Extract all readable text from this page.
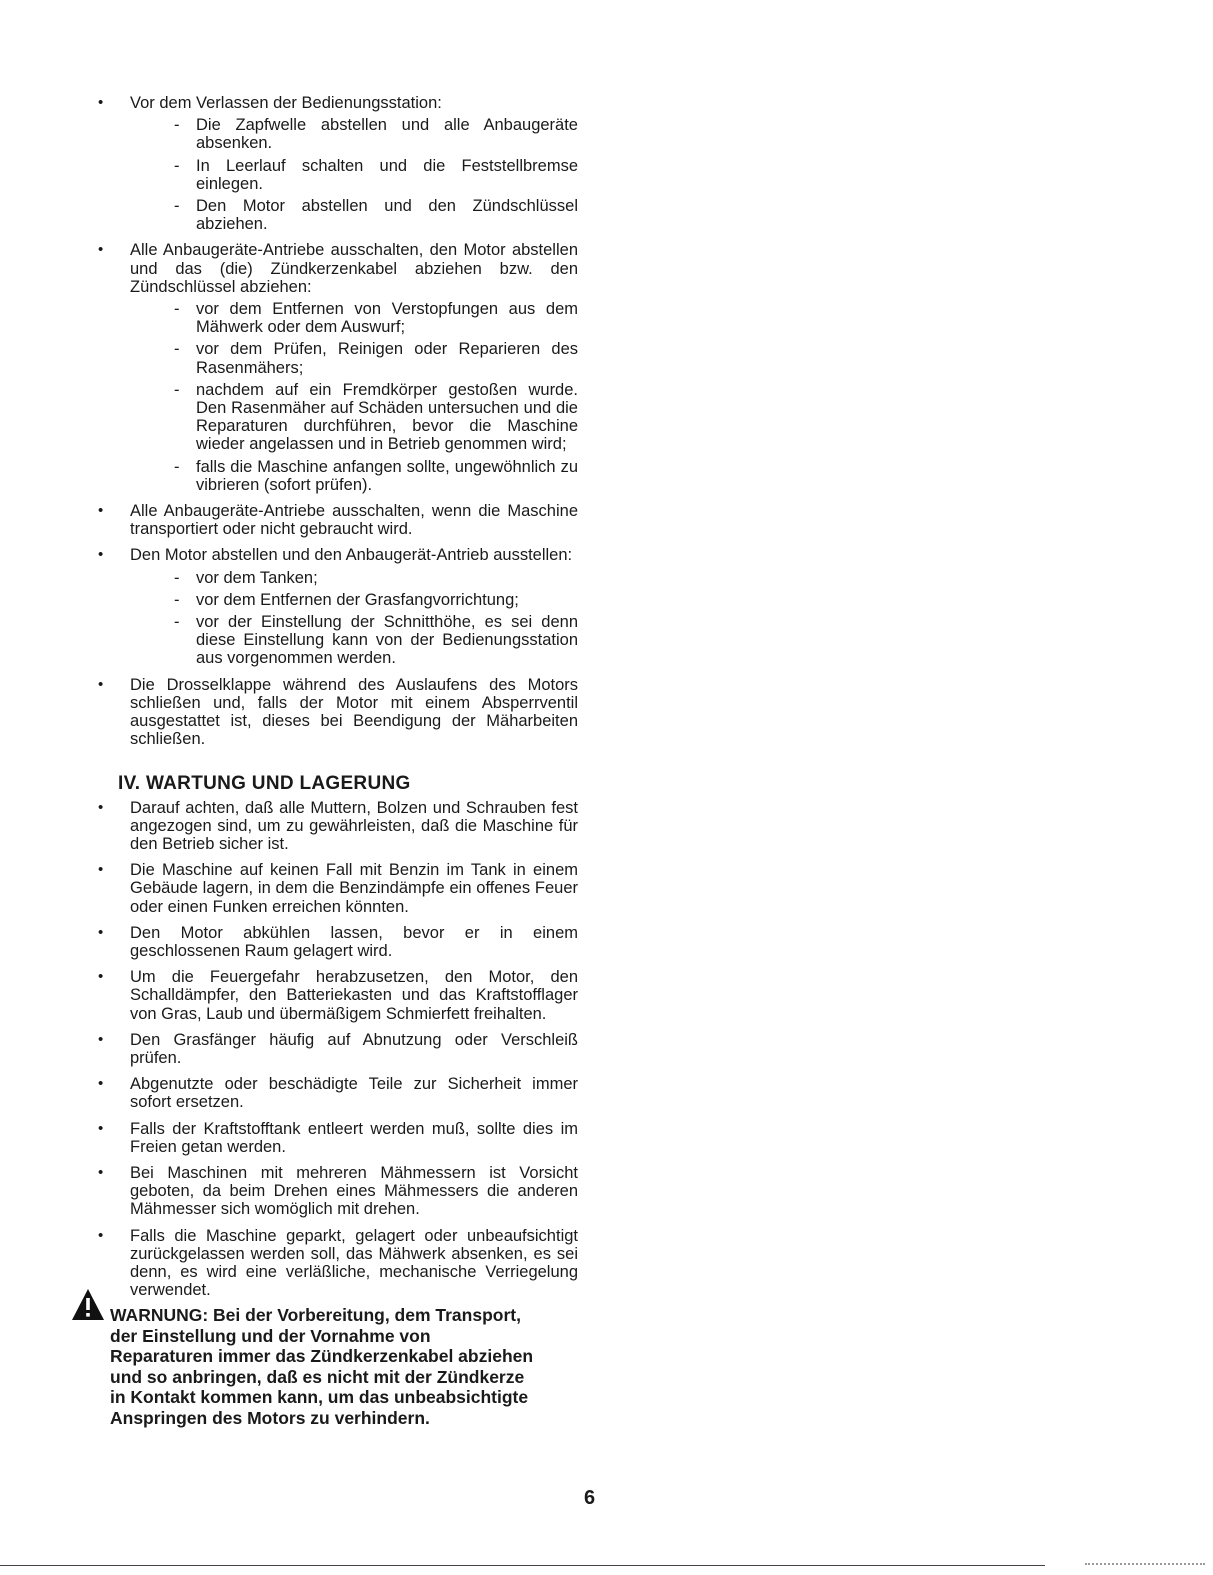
• Vor dem Verlassen der Bedienungsstation:
- Die Zapfwelle abstellen und alle Anbaugeräte absenken.
- In Leerlauf schalten und die Feststellbremse einlegen.
- Den Motor abstellen und den Zündschlüssel abziehen.
• Alle Anbaugeräte-Antriebe ausschalten, den Motor abstellen und das (die) Zündkerzenkabel abziehen bzw. den Zündschlüssel abziehen:
- vor dem Entfernen von Verstopfungen aus dem Mähwerk oder dem Auswurf;
- vor dem Prüfen, Reinigen oder Reparieren des Rasenmähers;
- nachdem auf ein Fremdkörper gestoßen wurde. Den Rasenmäher auf Schäden untersuchen und die Reparaturen durchführen, bevor die Maschine wieder angelassen und in Betrieb genommen wird;
- falls die Maschine anfangen sollte, ungewöhnlich zu vibrieren (sofort prüfen).
• Alle Anbaugeräte-Antriebe ausschalten, wenn die Maschine transportiert oder nicht gebraucht wird.
• Den Motor abstellen und den Anbaugerät-Antrieb ausstellen:
- vor dem Tanken;
- vor dem Entfernen der Grasfangvorrichtung;
- vor der Einstellung der Schnitthöhe, es sei denn diese Einstellung kann von der Bedienungsstation aus vorgenommen werden.
• Die Drosselklappe während des Auslaufens des Motors schließen und, falls der Motor mit einem Absperrventil ausgestattet ist, dieses bei Beendigung der Mäharbeiten schließen.
IV. WARTUNG UND LAGERUNG
• Darauf achten, daß alle Muttern, Bolzen und Schrauben fest angezogen sind, um zu gewährleisten, daß die Maschine für den Betrieb sicher ist.
• Die Maschine auf keinen Fall mit Benzin im Tank in einem Gebäude lagern, in dem die Benzindämpfe ein offenes Feuer oder einen Funken erreichen könnten.
• Den Motor abkühlen lassen, bevor er in einem geschlossenen Raum gelagert wird.
• Um die Feuergefahr herabzusetzen, den Motor, den Schalldämpfer, den Batteriekasten und das Kraftstofflager von Gras, Laub und übermäßigem Schmierfett freihalten.
• Den Grasfänger häufig auf Abnutzung oder Verschleiß prüfen.
• Abgenutzte oder beschädigte Teile zur Sicherheit immer sofort ersetzen.
• Falls der Kraftstofftank entleert werden muß, sollte dies im Freien getan werden.
• Bei Maschinen mit mehreren Mähmessern ist Vorsicht geboten, da beim Drehen eines Mähmessers die anderen Mähmesser sich womöglich mit drehen.
• Falls die Maschine geparkt, gelagert oder unbeaufsichtigt zurückgelassen werden soll, das Mähwerk absenken, es sei denn, es wird eine verläßliche, mechanische Verriegelung verwendet.
WARNUNG: Bei der Vorbereitung, dem Transport, der Einstellung und der Vornahme von Reparaturen immer das Zündkerzenkabel abziehen und so anbringen, daß es nicht mit der Zündkerze in Kontakt kommen kann, um das unbeabsichtigte Anspringen des Motors zu verhindern.
6
